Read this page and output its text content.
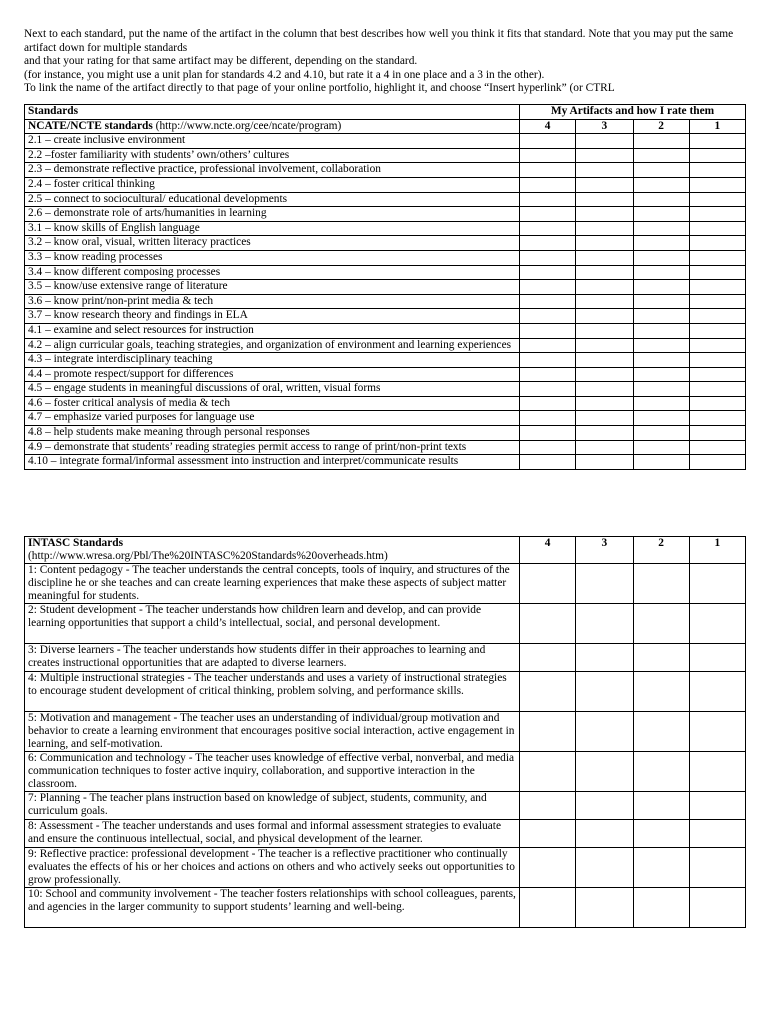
Next to each standard, put the name of the artifact in the column that best describes how well you think it fits that standard. Note that you may put the same artifact down for multiple standards

and that your rating for that same artifact may be different, depending on the standard.

(for instance, you might use a unit plan for standards 4.2 and 4.10, but rate it a 4 in one place and a 3 in the other).

To link the name of the artifact directly to that page of your online portfolio, highlight it, and choose “Insert hyperlink” (or CTRL

Standards	My Artifacts and how I rate them			
NCATE/NCTE standards (http://www.ncte.org/cee/ncate/program)	4	3	2	1
2.1 – create inclusive environment				
2.2 –foster familiarity with students’ own/others’ cultures				
2.3 – demonstrate reflective practice, professional involvement, collaboration				
2.4 – foster critical thinking				
2.5 – connect to sociocultural/ educational developments				
2.6 – demonstrate role of arts/humanities in learning				
3.1 – know skills of English language				
3.2 – know oral, visual, written literacy practices				
3.3 – know reading processes				
3.4 – know different composing processes				
3.5 – know/use extensive range of literature				
3.6 – know print/non-print media & tech				
3.7 – know research theory and findings in ELA				
4.1 – examine and select resources for instruction				
4.2 – align curricular goals, teaching strategies, and organization of environment and learning experiences				
4.3 – integrate interdisciplinary teaching				
4.4 – promote respect/support for differences				
4.5 – engage students in meaningful discussions of oral, written, visual forms				
4.6 – foster critical analysis of media & tech				
4.7 – emphasize varied purposes for language use				
4.8 – help students make meaning through personal responses				
4.9 – demonstrate that students’ reading strategies permit access to range of print/non-print texts				
4.10 – integrate formal/informal assessment into instruction and interpret/communicate results				
INTASC Standards
(http://www.wresa.org/Pbl/The%20INTASC%20Standards%20overheads.htm)	4	3	2	1
1: Content pedagogy - The teacher understands the central concepts, tools of inquiry, and structures of the discipline he or she teaches and can create learning experiences that make these aspects of subject matter meaningful for students.				
2: Student development - The teacher understands how children learn and develop, and can provide learning opportunities that support a child’s intellectual, social, and personal development.				
3: Diverse learners - The teacher understands how students differ in their approaches to learning and creates instructional opportunities that are adapted to diverse learners.				
4: Multiple instructional strategies - The teacher understands and uses a variety of instructional strategies to encourage student development of critical thinking, problem solving, and performance skills.				
5: Motivation and management - The teacher uses an understanding of individual/group motivation and behavior to create a learning environment that encourages positive social interaction, active engagement in learning, and self-motivation.				
6: Communication and technology - The teacher uses knowledge of effective verbal, nonverbal, and media communication techniques to foster active inquiry, collaboration, and supportive interaction in the classroom.				
7: Planning - The teacher plans instruction based on knowledge of subject, students, community, and curriculum goals.				
8: Assessment - The teacher understands and uses formal and informal assessment strategies to evaluate and ensure the continuous intellectual, social, and physical development of the learner.				
9: Reflective practice: professional development - The teacher is a reflective practitioner who continually evaluates the effects of his or her choices and actions on others and who actively seeks out opportunities to grow professionally.				
10: School and community involvement - The teacher fosters relationships with school colleagues, parents, and agencies in the larger community to support students’ learning and well-being.				
